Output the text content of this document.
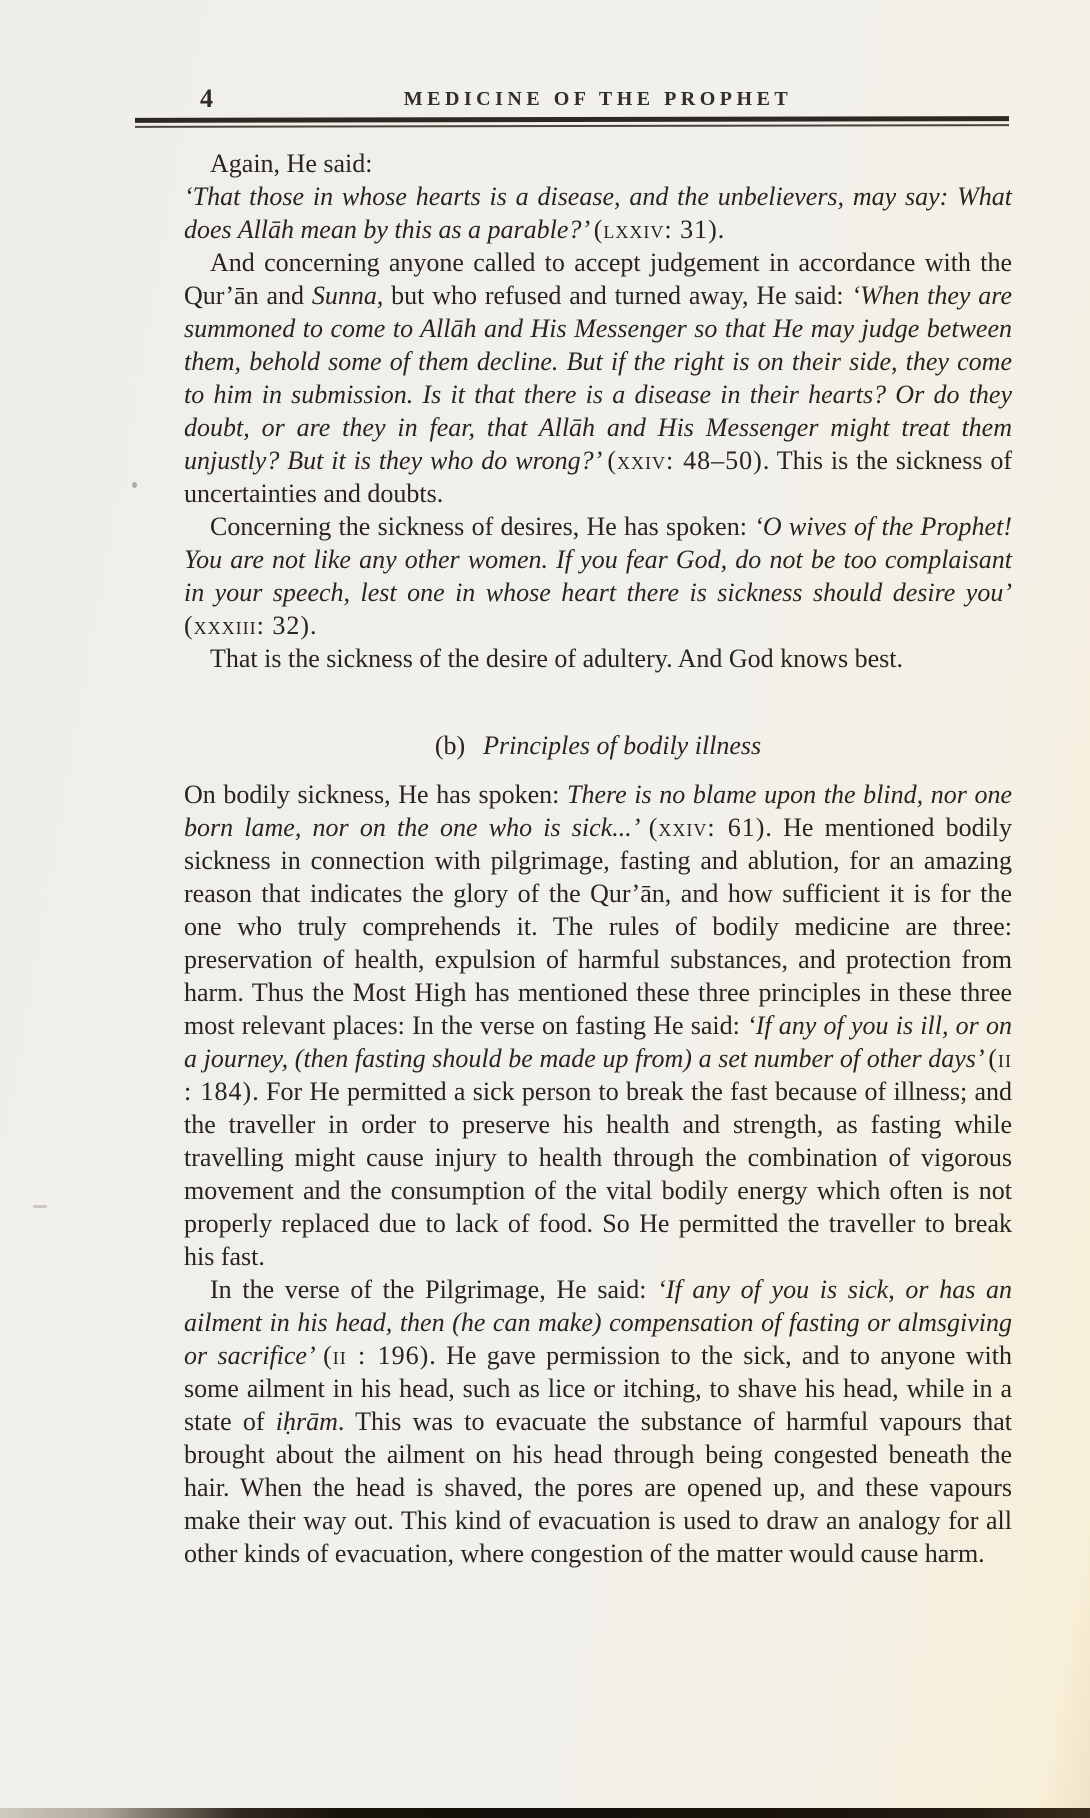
4	MEDICINE OF THE PROPHET

Again, He said:

‘That those in whose hearts is a disease, and the unbelievers, may say: What does Allāh mean by this as a parable?’ (lxxiv: 31).

And concerning anyone called to accept judgement in accordance with the Qur’ān and Sunna, but who refused and turned away, He said: ‘When they are summoned to come to Allāh and His Messenger so that He may judge between them, behold some of them decline. But if the right is on their side, they come to him in submission. Is it that there is a disease in their hearts? Or do they doubt, or are they in fear, that Allāh and His Messenger might treat them unjustly? But it is they who do wrong?’ (xxiv: 48–50). This is the sickness of uncertainties and doubts.

Concerning the sickness of desires, He has spoken: ‘O wives of the Prophet! You are not like any other women. If you fear God, do not be too complaisant in your speech, lest one in whose heart there is sickness should desire you’ (xxxiii: 32).

That is the sickness of the desire of adultery. And God knows best.

(b) Principles of bodily illness

On bodily sickness, He has spoken: There is no blame upon the blind, nor one born lame, nor on the one who is sick...’ (xxiv: 61). He mentioned bodily sickness in connection with pilgrimage, fasting and ablution, for an amazing reason that indicates the glory of the Qur’ān, and how sufficient it is for the one who truly comprehends it. The rules of bodily medicine are three: preservation of health, expulsion of harmful substances, and protection from harm. Thus the Most High has mentioned these three principles in these three most relevant places: In the verse on fasting He said: ‘If any of you is ill, or on a journey, (then fasting should be made up from) a set number of other days’ (ii : 184). For He permitted a sick person to break the fast because of illness; and the traveller in order to preserve his health and strength, as fasting while travelling might cause injury to health through the combination of vigorous movement and the consumption of the vital bodily energy which often is not properly replaced due to lack of food. So He permitted the traveller to break his fast.

In the verse of the Pilgrimage, He said: ‘If any of you is sick, or has an ailment in his head, then (he can make) compensation of fasting or almsgiving or sacrifice’ (ii : 196). He gave permission to the sick, and to anyone with some ailment in his head, such as lice or itching, to shave his head, while in a state of iḥrām. This was to evacuate the substance of harmful vapours that brought about the ailment on his head through being congested beneath the hair. When the head is shaved, the pores are opened up, and these vapours make their way out. This kind of evacuation is used to draw an analogy for all other kinds of evacuation, where congestion of the matter would cause harm.
